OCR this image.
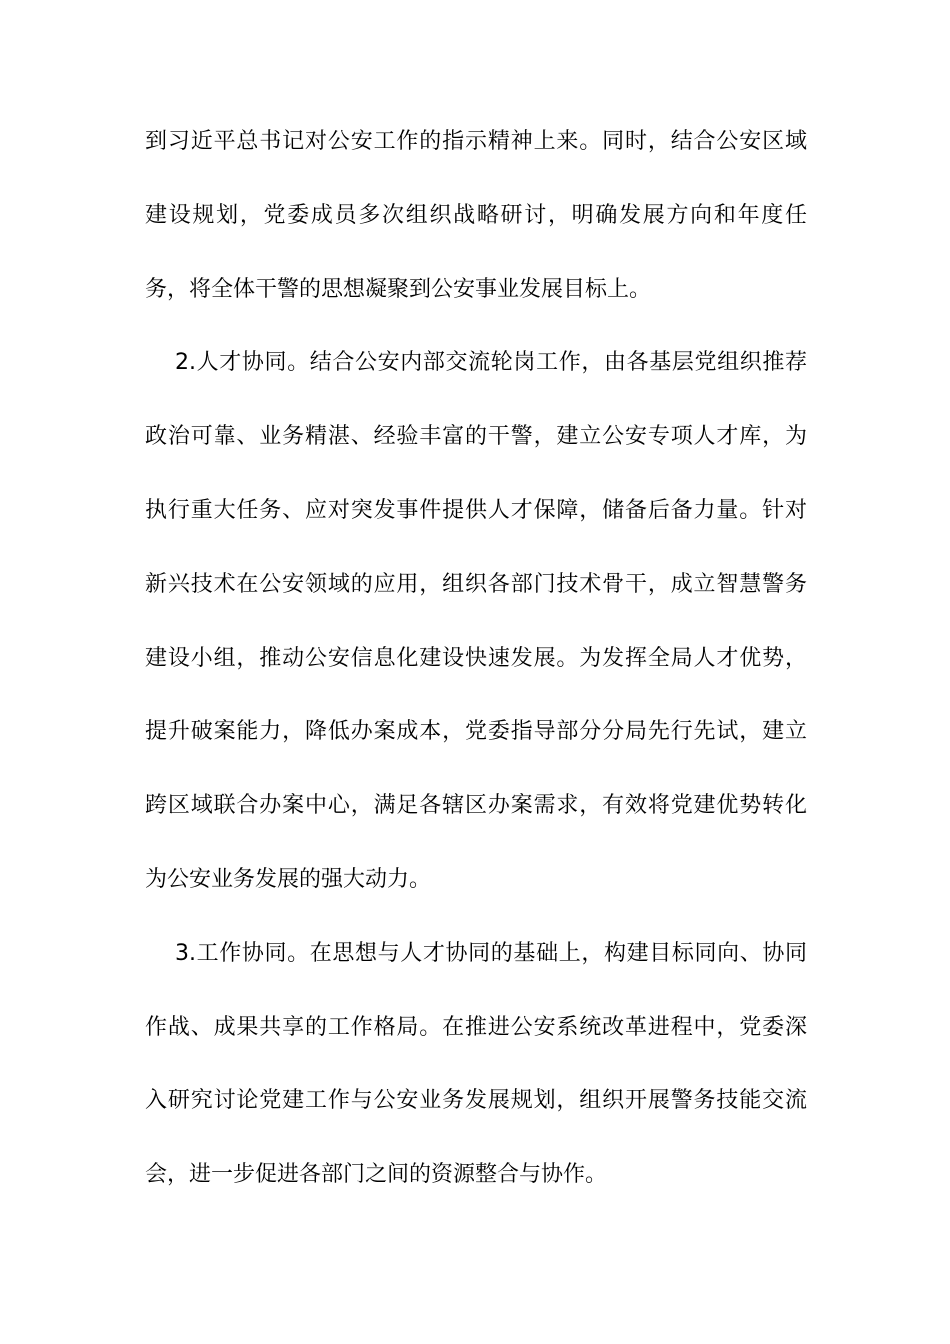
到习近平总书记对公安工作的指示精神上来。同时，结合公安区域
建设规划，党委成员多次组织战略研讨，明确发展方向和年度任
务，将全体干警的思想凝聚到公安事业发展目标上。
2.人才协同。结合公安内部交流轮岗工作，由各基层党组织推荐
政治可靠、业务精湛、经验丰富的干警，建立公安专项人才库，为
执行重大任务、应对突发事件提供人才保障，储备后备力量。针对
新兴技术在公安领域的应用，组织各部门技术骨干，成立智慧警务
建设小组，推动公安信息化建设快速发展。为发挥全局人才优势，
提升破案能力，降低办案成本，党委指导部分分局先行先试，建立
跨区域联合办案中心，满足各辖区办案需求，有效将党建优势转化
为公安业务发展的强大动力。
3.工作协同。在思想与人才协同的基础上，构建目标同向、协同
作战、成果共享的工作格局。在推进公安系统改革进程中，党委深
入研究讨论党建工作与公安业务发展规划，组织开展警务技能交流
会，进一步促进各部门之间的资源整合与协作。
